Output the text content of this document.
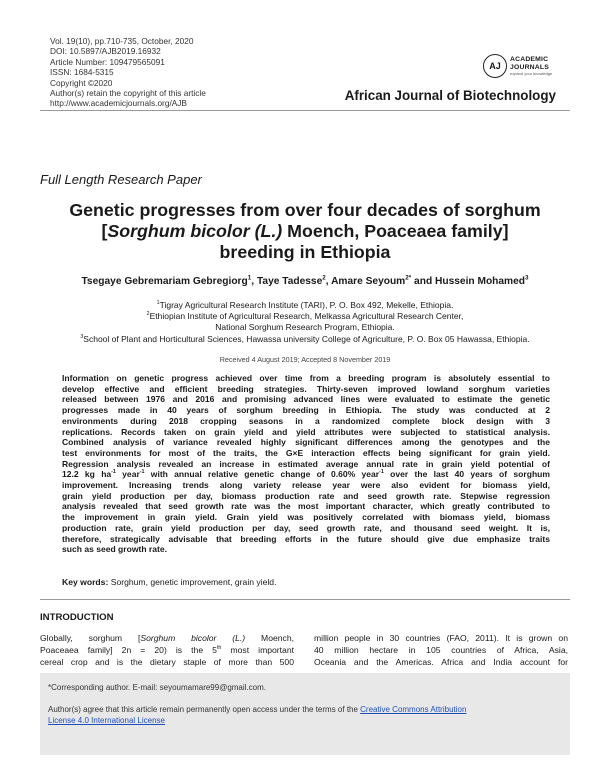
Vol. 19(10), pp.710-735, October, 2020
DOI: 10.5897/AJB2019.16932
Article Number: 109479565091
ISSN: 1684-5315
Copyright ©2020
Author(s) retain the copyright of this article
http://www.academicjournals.org/AJB
AJ
ACADEMIC
JOURNALS
expand your knowledge
African Journal of Biotechnology
Full Length Research Paper
Genetic progresses from over four decades of sorghum
[Sorghum bicolor (L.) Moench, Poaceaea family]
breeding in Ethiopia
Tsegaye Gebremariam Gebregiorg$^1$, Taye Tadesse$^2$, Amare Seyoum$^{2*}$ and Hussein Mohamed$^3$
$^1$Tigray Agricultural Research Institute (TARI), P. O. Box 492, Mekelle, Ethiopia.
$^2$Ethiopian Institute of Agricultural Research, Melkassa Agricultural Research Center,
National Sorghum Research Program, Ethiopia.
$^3$School of Plant and Horticultural Sciences, Hawassa university College of Agriculture, P. O. Box 05 Hawassa, Ethiopia.
Received 4 August 2019; Accepted 8 November 2019
Information on genetic progress achieved over time from a breeding program is absolutely essential to
develop effective and efficient breeding strategies. Thirty-seven improved lowland sorghum varieties
released between 1976 and 2016 and promising advanced lines were evaluated to estimate the genetic
progresses made in 40 years of sorghum breeding in Ethiopia. The study was conducted at 2
environments during 2018 cropping seasons in a randomized complete block design with 3
replications. Records taken on grain yield and yield attributes were subjected to statistical analysis.
Combined analysis of variance revealed highly significant differences among the genotypes and the
test environments for most of the traits, the G×E interaction effects being significant for grain yield.
Regression analysis revealed an increase in estimated average annual rate in grain yield potential of
12.2 kg $ha^{-1}$ year$^{-1}$ with annual relative genetic change of 0.60% year$^{-1}$ over the last 40 years of sorghum
improvement. Increasing trends along variety release year were also evident for biomass yield,
grain yield production per day, biomass production rate and seed growth rate. Stepwise regression
analysis revealed that seed growth rate was the most important character, which greatly contributed to
the improvement in grain yield. Grain yield was positively correlated with biomass yield, biomass
production rate, grain yield production per day, seed growth rate, and thousand seed weight. It is,
therefore, strategically advisable that breeding efforts in the future should give due emphasize traits
such as seed growth rate.
Key words: Sorghum, genetic improvement, grain yield.
INTRODUCTION
Globally, sorghum [Sorghum bicolor (L.) Moench,
Poaceaea family] 2n = 20) is the 5th most important
cereal crop and is the dietary staple of more than 500
million people in 30 countries (FAO, 2011). It is grown on
40 million hectare in 105 countries of Africa, Asia,
Oceania and the Americas. Africa and India account for
*Corresponding author. E-mail: seyoumamare99@gmail.com.
Author(s) agree that this article remain permanently open access under the terms of the Creative Commons Attribution
License 4.0 International License
